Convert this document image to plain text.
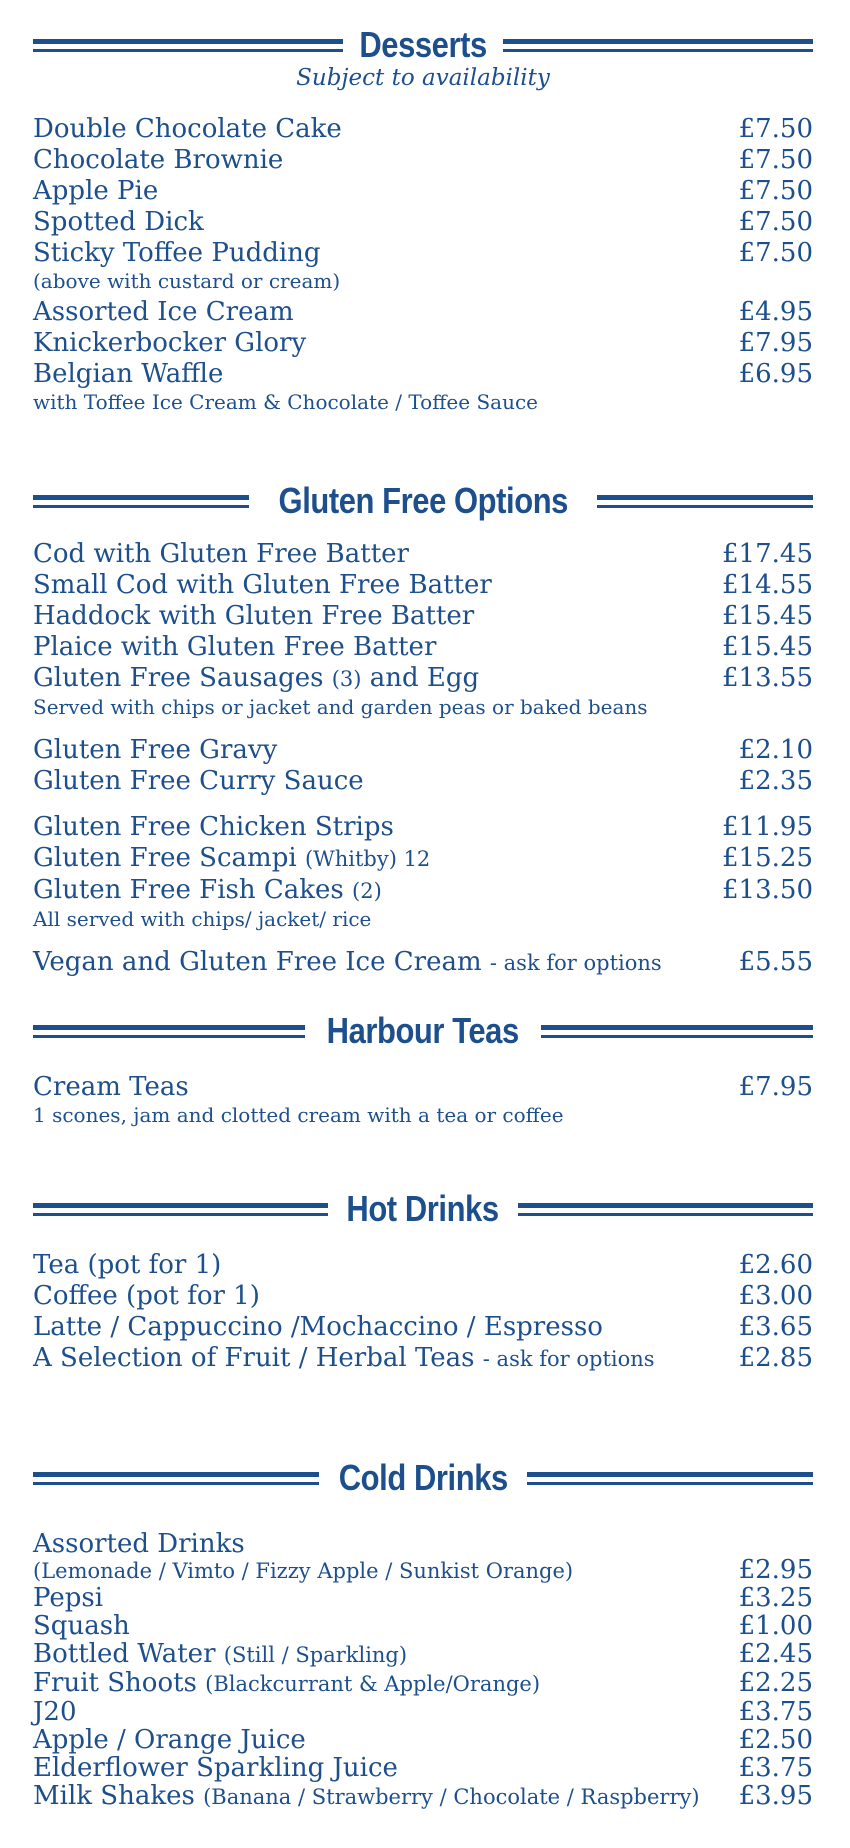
Desserts
Subject to availability
Double Chocolate Cake	£7.50
Chocolate Brownie	£7.50
Apple Pie	£7.50
Spotted Dick	£7.50
Sticky Toffee Pudding	£7.50
(above with custard or cream)
Assorted Ice Cream	£4.95
Knickerbocker Glory	£7.95
Belgian Waffle	£6.95
with Toffee Ice Cream & Chocolate / Toffee Sauce
Gluten Free Options
Cod with Gluten Free Batter	£17.45
Small Cod with Gluten Free Batter	£14.55
Haddock with Gluten Free Batter	£15.45
Plaice with Gluten Free Batter	£15.45
Gluten Free Sausages (3) and Egg	£13.55
Served with chips or jacket and garden peas or baked beans
Gluten Free Gravy	£2.10
Gluten Free Curry Sauce	£2.35
Gluten Free Chicken Strips	£11.95
Gluten Free Scampi (Whitby) 12	£15.25
Gluten Free Fish Cakes (2)	£13.50
All served with chips/ jacket/ rice
Vegan and Gluten Free Ice Cream - ask for options	£5.55
Harbour Teas
Cream Teas	£7.95
1 scones, jam and clotted cream with a tea or coffee
Hot Drinks
Tea (pot for 1)	£2.60
Coffee (pot for 1)	£3.00
Latte / Cappuccino /Mochaccino / Espresso	£3.65
A Selection of Fruit / Herbal Teas - ask for options	£2.85
Cold Drinks
Assorted Drinks
(Lemonade / Vimto / Fizzy Apple / Sunkist Orange)	£2.95
Pepsi	£3.25
Squash	£1.00
Bottled Water (Still / Sparkling)	£2.45
Fruit Shoots (Blackcurrant & Apple/Orange)	£2.25
J20	£3.75
Apple / Orange Juice	£2.50
Elderflower Sparkling Juice	£3.75
Milk Shakes (Banana / Strawberry / Chocolate / Raspberry) £3.95
